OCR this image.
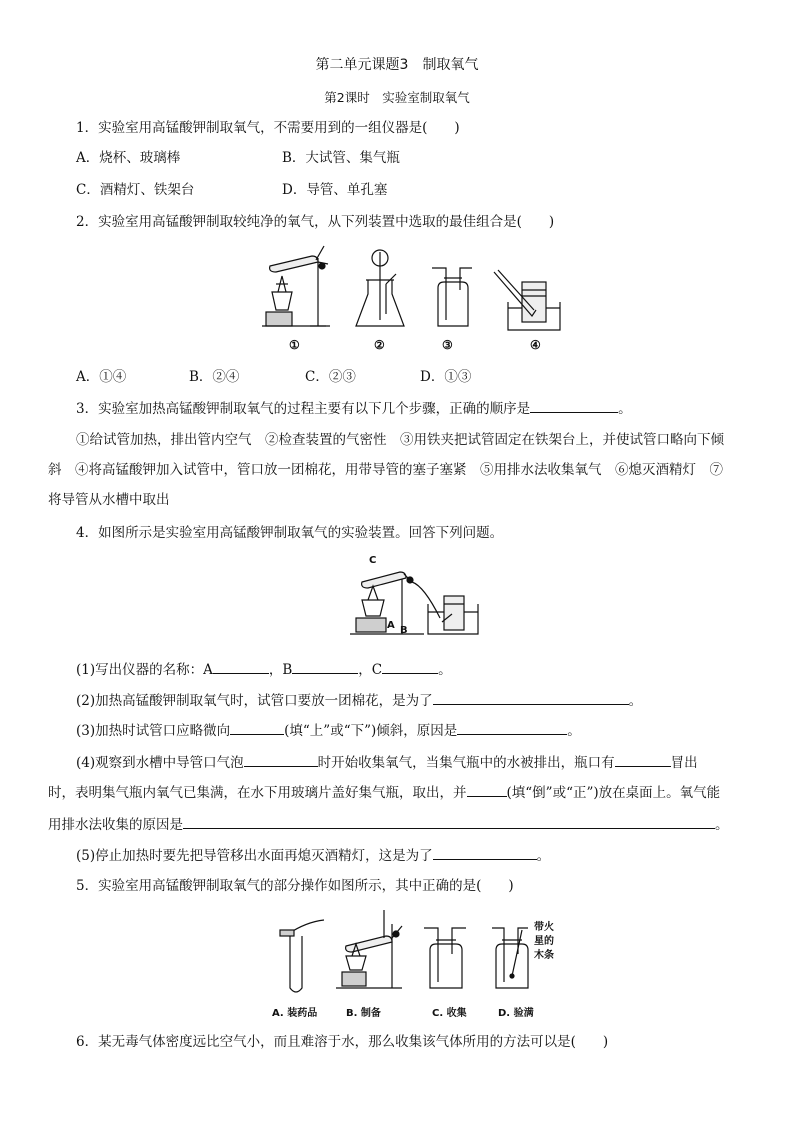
第二单元课题3　制取氧气
第2课时　实验室制取氧气
1．实验室用高锰酸钾制取氧气，不需要用到的一组仪器是(　　)
A．烧杯、玻璃棒	B．大试管、集气瓶
C．酒精灯、铁架台	D．导管、单孔塞
2．实验室用高锰酸钾制取较纯净的氧气，从下列装置中选取的最佳组合是(　　)
①	②	③	④
A．①④	B．②④	C．②③	D．①③
3．实验室加热高锰酸钾制取氧气的过程主要有以下几个步骤，正确的顺序是	。
①给试管加热，排出管内空气　②检查装置的气密性　③用铁夹把试管固定在铁架台上，并使试管口略向下倾
斜　④将高锰酸钾加入试管中，管口放一团棉花，用带导管的塞子塞紧　⑤用排水法收集氧气　⑥熄灭酒精灯　⑦
将导管从水槽中取出
4．如图所示是实验室用高锰酸钾制取氧气的实验装置。回答下列问题。
C
A B
(1)写出仪器的名称：A	，B	，C	。
(2)加热高锰酸钾制取氧气时，试管口要放一团棉花，是为了	。
(3)加热时试管口应略微向	(填“上”或“下”)倾斜，原因是	。
(4)观察到水槽中导管口气泡	时开始收集氧气，当集气瓶中的水被排出，瓶口有	冒出
时，表明集气瓶内氧气已集满，在水下用玻璃片盖好集气瓶，取出，并	(填“倒”或“正”)放在桌面上。氧气能
用排水法收集的原因是	。
(5)停止加热时要先把导管移出水面再熄灭酒精灯，这是为了	。
5．实验室用高锰酸钾制取氧气的部分操作如图所示，其中正确的是(　　)
带火
星的
木条
A. 装药品	B. 制备	C. 收集	D. 验满
6．某无毒气体密度远比空气小，而且难溶于水，那么收集该气体所用的方法可以是(　　)
